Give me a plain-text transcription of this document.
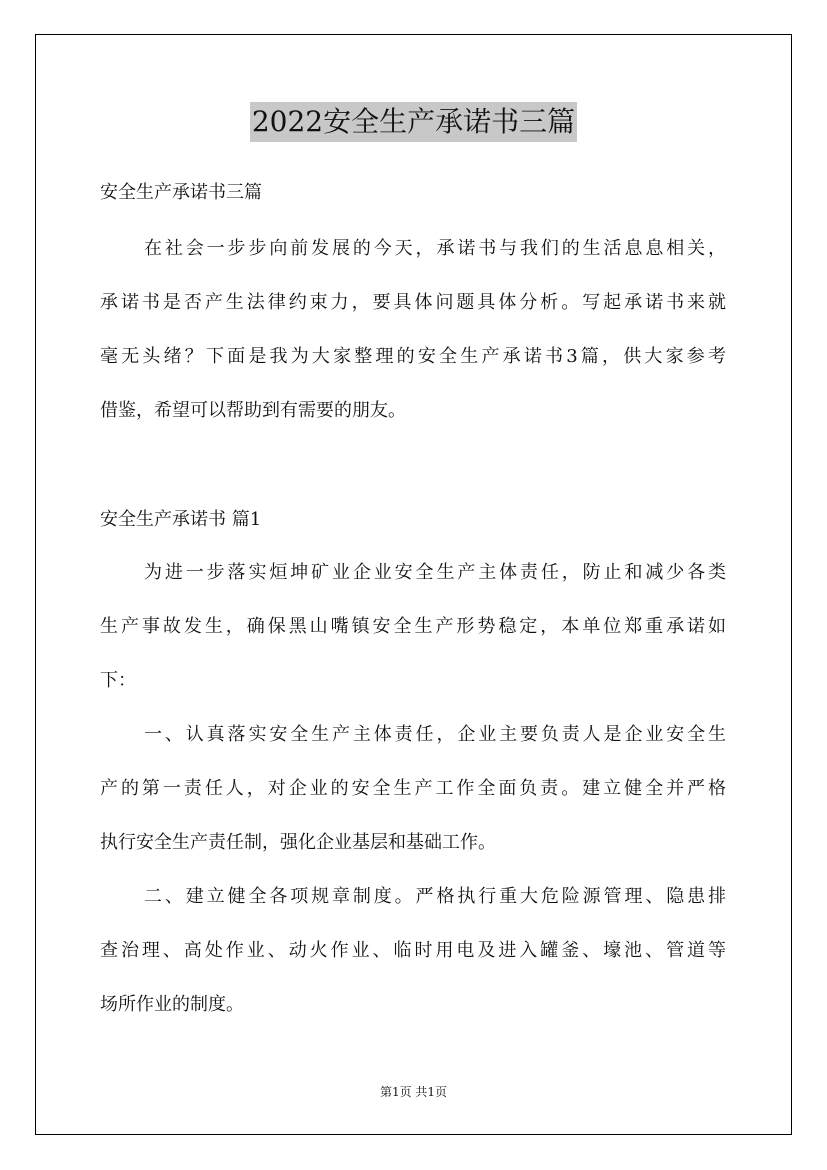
2022安全生产承诺书三篇
安全生产承诺书三篇
在社会一步步向前发展的今天，承诺书与我们的生活息息相关，
承诺书是否产生法律约束力，要具体问题具体分析。写起承诺书来就
毫无头绪？下面是我为大家整理的安全生产承诺书3篇，供大家参考
借鉴，希望可以帮助到有需要的朋友。
安全生产承诺书 篇1
为进一步落实烜坤矿业企业安全生产主体责任，防止和减少各类
生产事故发生，确保黑山嘴镇安全生产形势稳定，本单位郑重承诺如
下：
一、认真落实安全生产主体责任，企业主要负责人是企业安全生
产的第一责任人，对企业的安全生产工作全面负责。建立健全并严格
执行安全生产责任制，强化企业基层和基础工作。
二、建立健全各项规章制度。严格执行重大危险源管理、隐患排
查治理、高处作业、动火作业、临时用电及进入罐釜、壕池、管道等
场所作业的制度。
第1页 共1页
